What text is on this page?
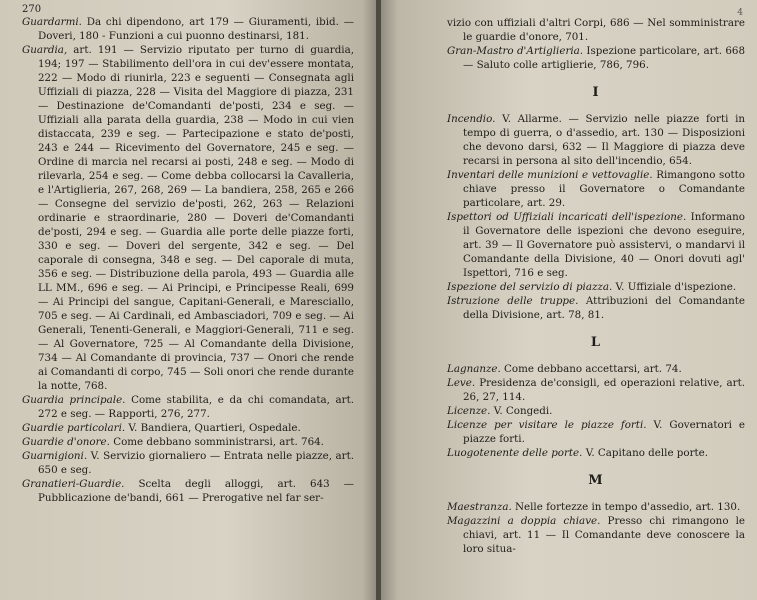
270

Guardarmi. Da chi dipendono, art 179 — Giuramenti, ibid. — Doveri, 180 - Funzioni a cui puonno destinarsi, 181.

Guardia, art. 191 — Servizio riputato per turno di guardia, 194; 197 — Stabilimento dell'ora in cui dev'essere montata, 222 — Modo di riunirla, 223 e seguenti — Consegnata agli Uffiziali di piazza, 228 — Visita del Maggiore di piazza, 231 — Destinazione de'Comandanti de'posti, 234 e seg. — Uffiziali alla parata della guardia, 238 — Modo in cui vien distaccata, 239 e seg. — Partecipazione e stato de'posti, 243 e 244 — Ricevimento del Governatore, 245 e seg. — Ordine di marcia nel recarsi ai posti, 248 e seg. — Modo di rilevarla, 254 e seg. — Come debba collocarsi la Cavalleria, e l'Artiglieria, 267, 268, 269 — La bandiera, 258, 265 e 266 — Consegne del servizio de'posti, 262, 263 — Relazioni ordinarie e straordinarie, 280 — Doveri de'Comandanti de'posti, 294 e seg. — Guardia alle porte delle piazze forti, 330 e seg. — Doveri del sergente, 342 e seg. — Del caporale di consegna, 348 e seg. — Del caporale di muta, 356 e seg. — Distribuzione della parola, 493 — Guardia alle LL MM., 696 e seg. — Ai Principi, e Principesse Reali, 699 — Ai Principi del sangue, Capitani-Generali, e Maresciallo, 705 e seg. — Ai Cardinali, ed Ambasciadori, 709 e seg. — Ai Generali, Tenenti-Generali, e Maggiori-Generali, 711 e seg. — Al Governatore, 725 — Al Comandante della Divisione, 734 — Al Comandante di provincia, 737 — Onori che rende ai Comandanti di corpo, 745 — Soli onori che rende durante la notte, 768.

Guardia principale. Come stabilita, e da chi comandata, art. 272 e seg. — Rapporti, 276, 277.

Guardie particolari. V. Bandiera, Quartieri, Ospedale.

Guardie d'onore. Come debbano somministrarsi, art. 764.

Guarnigioni. V. Servizio giornaliero — Entrata nelle piazze, art. 650 e seg.

Granatieri-Guardie. Scelta degli alloggi, art. 643 — Pubblicazione de'bandi, 661 — Prerogative nel far ser-

4

vizio con uffiziali d'altri Corpi, 686 — Nel somministrare le guardie d'onore, 701.

Gran-Mastro d'Artiglieria. Ispezione particolare, art. 668 — Saluto colle artiglierie, 786, 796.

I

Incendio. V. Allarme. — Servizio nelle piazze forti in tempo di guerra, o d'assedio, art. 130 — Disposizioni che devono darsi, 632 — Il Maggiore di piazza deve recarsi in persona al sito dell'incendio, 654.

Inventari delle munizioni e vettovaglie. Rimangono sotto chiave presso il Governatore o Comandante particolare, art. 29.

Ispettori od Uffiziali incaricati dell'ispezione. Informano il Governatore delle ispezioni che devono eseguire, art. 39 — Il Governatore può assistervi, o mandarvi il Comandante della Divisione, 40 — Onori dovuti agl' Ispettori, 716 e seg.

Ispezione del servizio di piazza. V. Uffiziale d'ispezione.

Istruzione delle truppe. Attribuzioni del Comandante della Divisione, art. 78, 81.

L

Lagnanze. Come debbano accettarsi, art. 74.

Leve. Presidenza de'consigli, ed operazioni relative, art. 26, 27, 114.

Licenze. V. Congedi.

Licenze per visitare le piazze forti. V. Governatori e piazze forti.

Luogotenente delle porte. V. Capitano delle porte.

M

Maestranza. Nelle fortezze in tempo d'assedio, art. 130.

Magazzini a doppia chiave. Presso chi rimangono le chiavi, art. 11 — Il Comandante deve conoscere la loro situa-
